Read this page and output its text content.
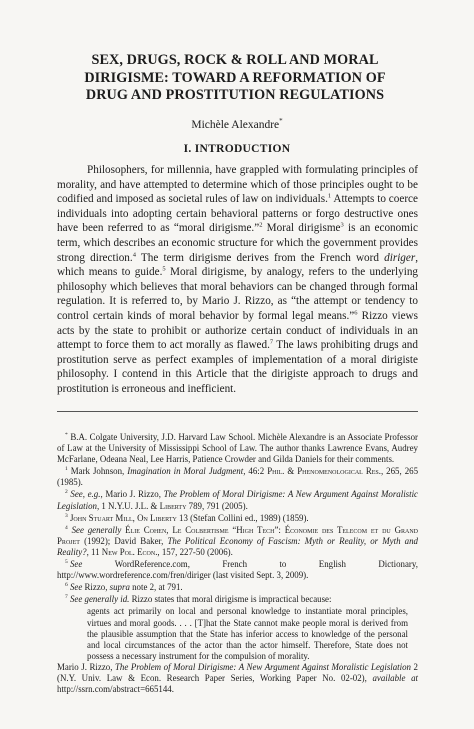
SEX, DRUGS, ROCK & ROLL AND MORAL DIRIGISME: TOWARD A REFORMATION OF DRUG AND PROSTITUTION REGULATIONS
Michèle Alexandre*
I. INTRODUCTION

Philosophers, for millennia, have grappled with formulating principles of morality, and have attempted to determine which of those principles ought to be codified and imposed as societal rules of law on individuals.$^1$ Attempts to coerce individuals into adopting certain behavioral patterns or forgo destructive ones have been referred to as “moral dirigisme.”$^2$ Moral dirigisme$^3$ is an economic term, which describes an economic structure for which the government provides strong direction.$^4$ The term dirigisme derives from the French word diriger, which means to guide.$^5$ Moral dirigisme, by analogy, refers to the underlying philosophy which believes that moral behaviors can be changed through formal regulation. It is referred to, by Mario J. Rizzo, as “the attempt or tendency to control certain kinds of moral behavior by formal legal means.”$^6$ Rizzo views acts by the state to prohibit or authorize certain conduct of individuals in an attempt to force them to act morally as flawed.$^7$ The laws prohibiting drugs and prostitution serve as perfect examples of implementation of a moral dirigiste philosophy. I contend in this Article that the dirigiste approach to drugs and prostitution is erroneous and inefficient.

* B.A. Colgate University, J.D. Harvard Law School. Michèle Alexandre is an Associate Professor of Law at the University of Mississippi School of Law. The author thanks Lawrence Evans, Audrey McFarlane, Odeana Neal, Lee Harris, Patience Crowder and Gilda Daniels for their comments.

$^1$ Mark Johnson, Imagination in Moral Judgment, 46:2 Phil. & Phenomenological Res., 265, 265 (1985).

$^2$ See, e.g., Mario J. Rizzo, The Problem of Moral Dirigisme: A New Argument Against Moralistic Legislation, 1 N.Y.U. J.L. & Liberty 789, 791 (2005).

$^3$ John Stuart Mill, On Liberty 13 (Stefan Collini ed., 1989) (1859).

$^4$ See generally Élie Cohen, Le Colbertisme “High Tech”: Économie des Telecom et du Grand Projet (1992); David Baker, The Political Economy of Fascism: Myth or Reality, or Myth and Reality?, 11 New Pol. Econ., 157, 227-50 (2006).

$^5$ See	WordReference.com,	French	to	English	Dictionary,
http://www.wordreference.com/fren/diriger (last visited Sept. 3, 2009).

$^6$ See Rizzo, supra note 2, at 791.

$^7$ See generally id. Rizzo states that moral dirigisme is impractical because:

agents act primarily on local and personal knowledge to instantiate moral principles, virtues and moral goods. . . . [T]hat the State cannot make people moral is derived from the plausible assumption that the State has inferior access to knowledge of the personal and local circumstances of the actor than the actor himself. Therefore, State does not possess a necessary instrument for the compulsion of morality.

Mario J. Rizzo, The Problem of Moral Dirigisme: A New Argument Against Moralistic Legislation 2 (N.Y. Univ. Law & Econ. Research Paper Series, Working Paper No. 02-02), available at http://ssrn.com/abstract=665144.
